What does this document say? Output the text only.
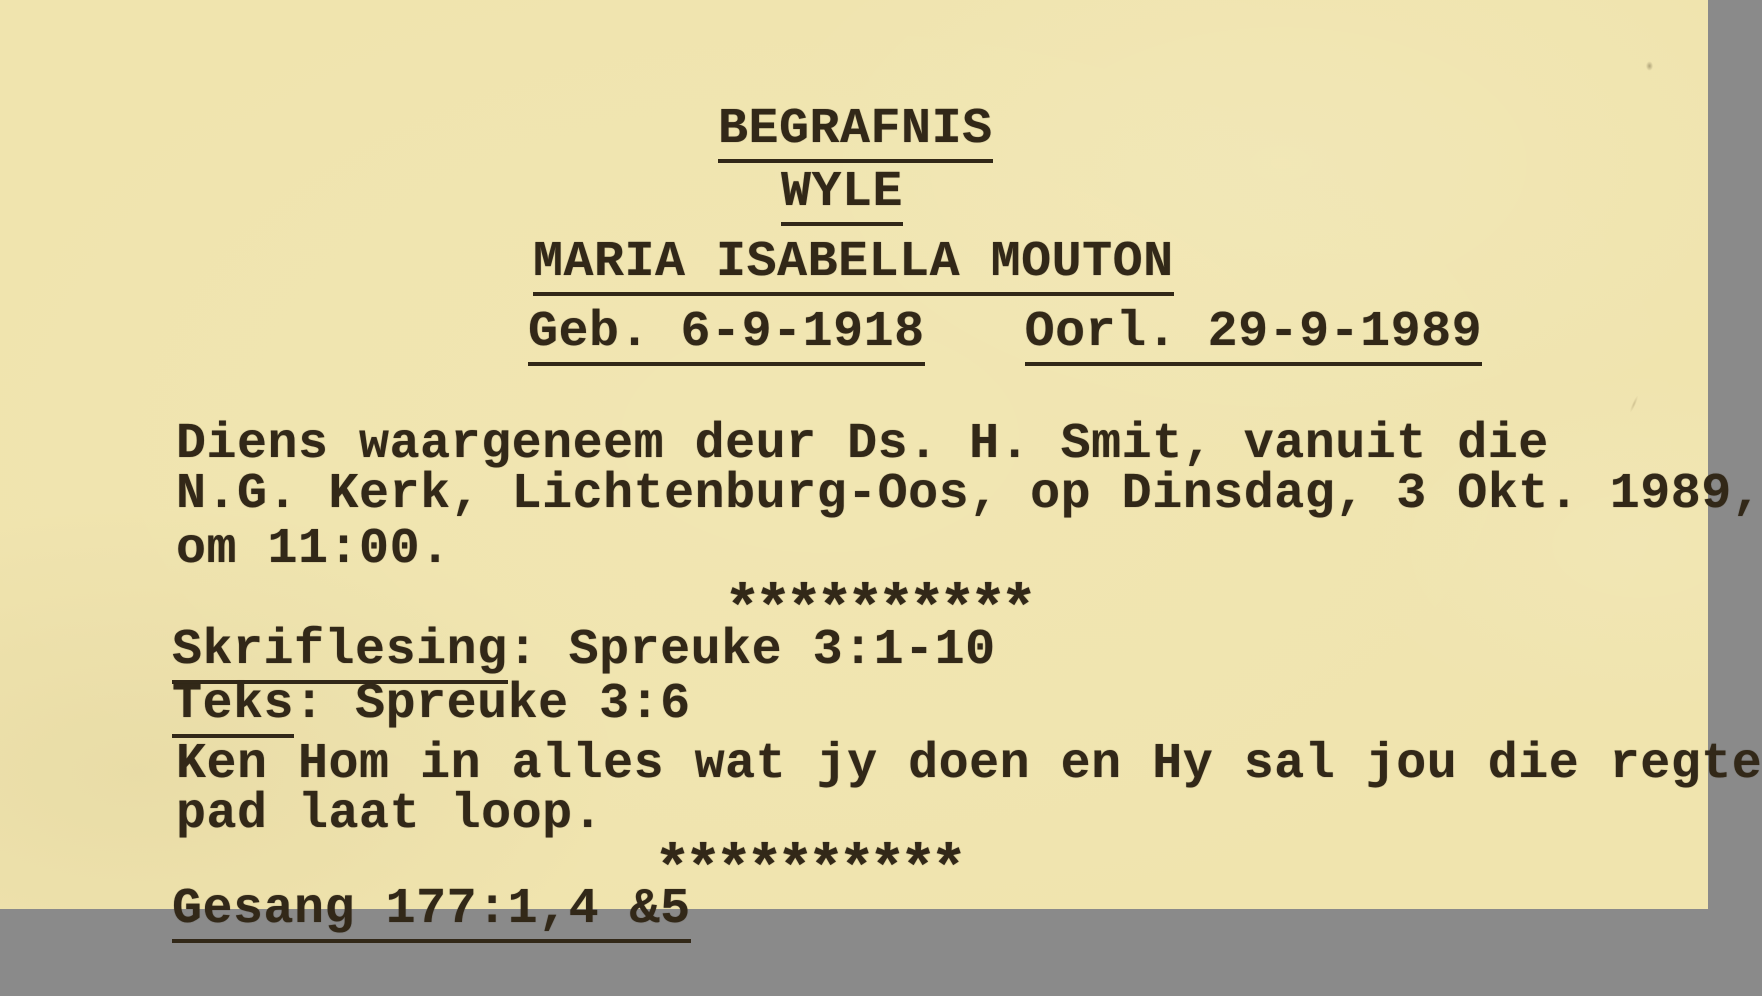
BEGRAFNIS

WYLE

MARIA ISABELLA MOUTON

Geb. 6-9-1918 Oorl. 29-9-1989

Diens waargeneem deur Ds. H. Smit, vanuit die

N.G. Kerk, Lichtenburg-Oos, op Dinsdag, 3 Okt. 1989,

om 11:00.

**********

Skriflesing: Spreuke 3:1-10

Teks: Spreuke 3:6

Ken Hom in alles wat jy doen en Hy sal jou die regte

pad laat loop.

**********

Gesang 177:1,4 &5
